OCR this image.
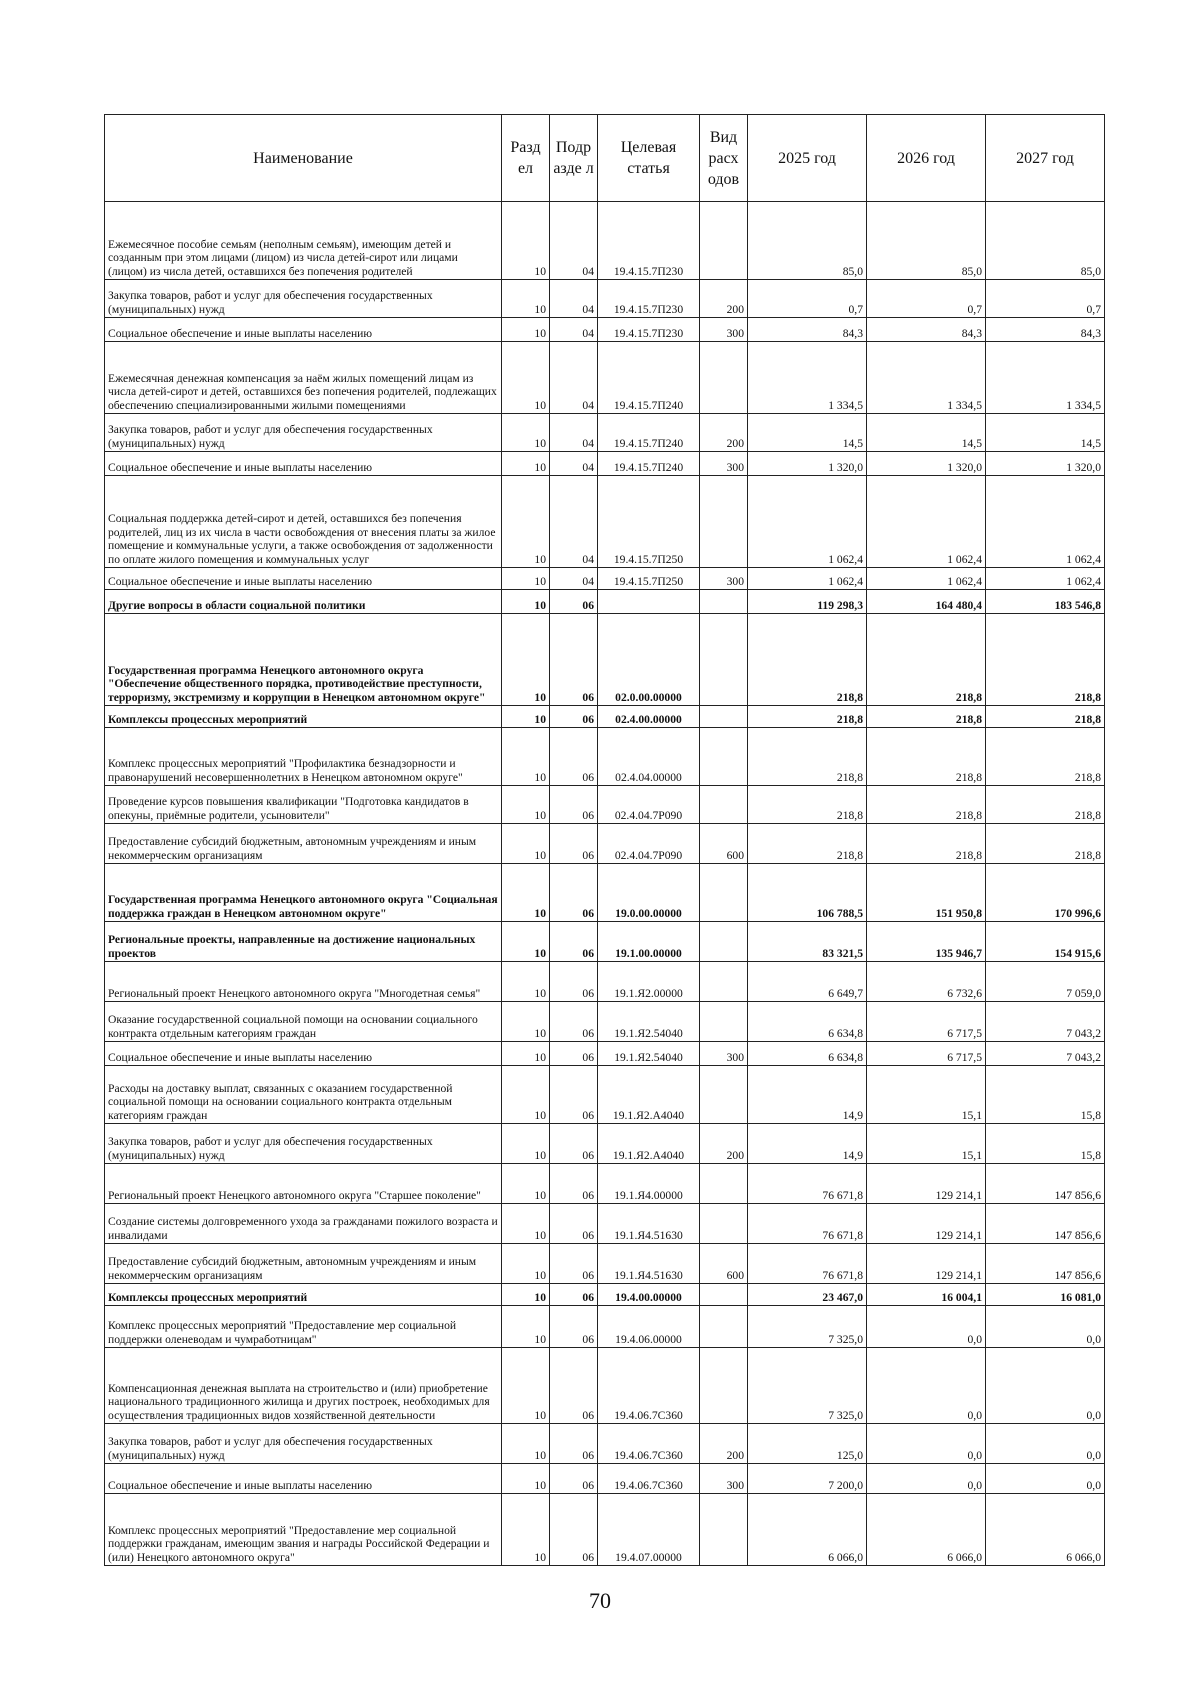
Наименование	Разд ел	Подр азде л	Целевая статья	Вид расх одов	2025 год	2026 год	2027 год
Ежемесячное пособие семьям (неполным семьям), имеющим детей и созданным при этом лицами (лицом) из числа детей-сирот или лицами (лицом) из числа детей, оставшихся без попечения родителей	10	04	19.4.15.7П230		85,0	85,0	85,0
Закупка товаров, работ и услуг для обеспечения государственных (муниципальных) нужд	10	04	19.4.15.7П230	200	0,7	0,7	0,7
Социальное обеспечение и иные выплаты населению	10	04	19.4.15.7П230	300	84,3	84,3	84,3
Ежемесячная денежная компенсация за наём жилых помещений лицам из числа детей-сирот и детей, оставшихся без попечения родителей, подлежащих обеспечению специализированными жилыми помещениями	10	04	19.4.15.7П240		1 334,5	1 334,5	1 334,5
Закупка товаров, работ и услуг для обеспечения государственных (муниципальных) нужд	10	04	19.4.15.7П240	200	14,5	14,5	14,5
Социальное обеспечение и иные выплаты населению	10	04	19.4.15.7П240	300	1 320,0	1 320,0	1 320,0
Социальная поддержка детей-сирот и детей, оставшихся без попечения родителей, лиц из их числа в части освобождения от внесения платы за жилое помещение и коммунальные услуги, а также освобождения от задолженности по оплате жилого помещения и коммунальных услуг	10	04	19.4.15.7П250		1 062,4	1 062,4	1 062,4
Социальное обеспечение и иные выплаты населению	10	04	19.4.15.7П250	300	1 062,4	1 062,4	1 062,4
Другие вопросы в области социальной политики	10	06			119 298,3	164 480,4	183 546,8
Государственная программа Ненецкого автономного округа "Обеспечение общественного порядка, противодействие преступности, терроризму, экстремизму и коррупции в Ненецком автономном округе"	10	06	02.0.00.00000		218,8	218,8	218,8
Комплексы процессных мероприятий	10	06	02.4.00.00000		218,8	218,8	218,8
Комплекс процессных мероприятий "Профилактика безнадзорности и правонарушений несовершеннолетних в Ненецком автономном округе"	10	06	02.4.04.00000		218,8	218,8	218,8
Проведение курсов повышения квалификации "Подготовка кандидатов в опекуны, приёмные родители, усыновители"	10	06	02.4.04.7Р090		218,8	218,8	218,8
Предоставление субсидий бюджетным, автономным учреждениям и иным некоммерческим организациям	10	06	02.4.04.7Р090	600	218,8	218,8	218,8
Государственная программа Ненецкого автономного округа "Социальная поддержка граждан в Ненецком автономном округе"	10	06	19.0.00.00000		106 788,5	151 950,8	170 996,6
Региональные проекты, направленные на достижение национальных проектов	10	06	19.1.00.00000		83 321,5	135 946,7	154 915,6
Региональный проект Ненецкого автономного округа "Многодетная семья"	10	06	19.1.Я2.00000		6 649,7	6 732,6	7 059,0
Оказание государственной социальной помощи на основании социального контракта отдельным категориям граждан	10	06	19.1.Я2.54040		6 634,8	6 717,5	7 043,2
Социальное обеспечение и иные выплаты населению	10	06	19.1.Я2.54040	300	6 634,8	6 717,5	7 043,2
Расходы на доставку выплат, связанных с оказанием государственной социальной помощи на основании социального контракта отдельным категориям граждан	10	06	19.1.Я2.А4040		14,9	15,1	15,8
Закупка товаров, работ и услуг для обеспечения государственных (муниципальных) нужд	10	06	19.1.Я2.А4040	200	14,9	15,1	15,8
Региональный проект Ненецкого автономного округа "Старшее поколение"	10	06	19.1.Я4.00000		76 671,8	129 214,1	147 856,6
Создание системы долговременного ухода за гражданами пожилого возраста и инвалидами	10	06	19.1.Я4.51630		76 671,8	129 214,1	147 856,6
Предоставление субсидий бюджетным, автономным учреждениям и иным некоммерческим организациям	10	06	19.1.Я4.51630	600	76 671,8	129 214,1	147 856,6
Комплексы процессных мероприятий	10	06	19.4.00.00000		23 467,0	16 004,1	16 081,0
Комплекс процессных мероприятий "Предоставление мер социальной поддержки оленеводам и чумработницам"	10	06	19.4.06.00000		7 325,0	0,0	0,0
Компенсационная денежная выплата на строительство и (или) приобретение национального традиционного жилища и других построек, необходимых для осуществления традиционных видов хозяйственной деятельности	10	06	19.4.06.7С360		7 325,0	0,0	0,0
Закупка товаров, работ и услуг для обеспечения государственных (муниципальных) нужд	10	06	19.4.06.7С360	200	125,0	0,0	0,0
Социальное обеспечение и иные выплаты населению	10	06	19.4.06.7С360	300	7 200,0	0,0	0,0
Комплекс процессных мероприятий "Предоставление мер социальной поддержки гражданам, имеющим звания и награды Российской Федерации и (или) Ненецкого автономного округа"	10	06	19.4.07.00000		6 066,0	6 066,0	6 066,0
70
